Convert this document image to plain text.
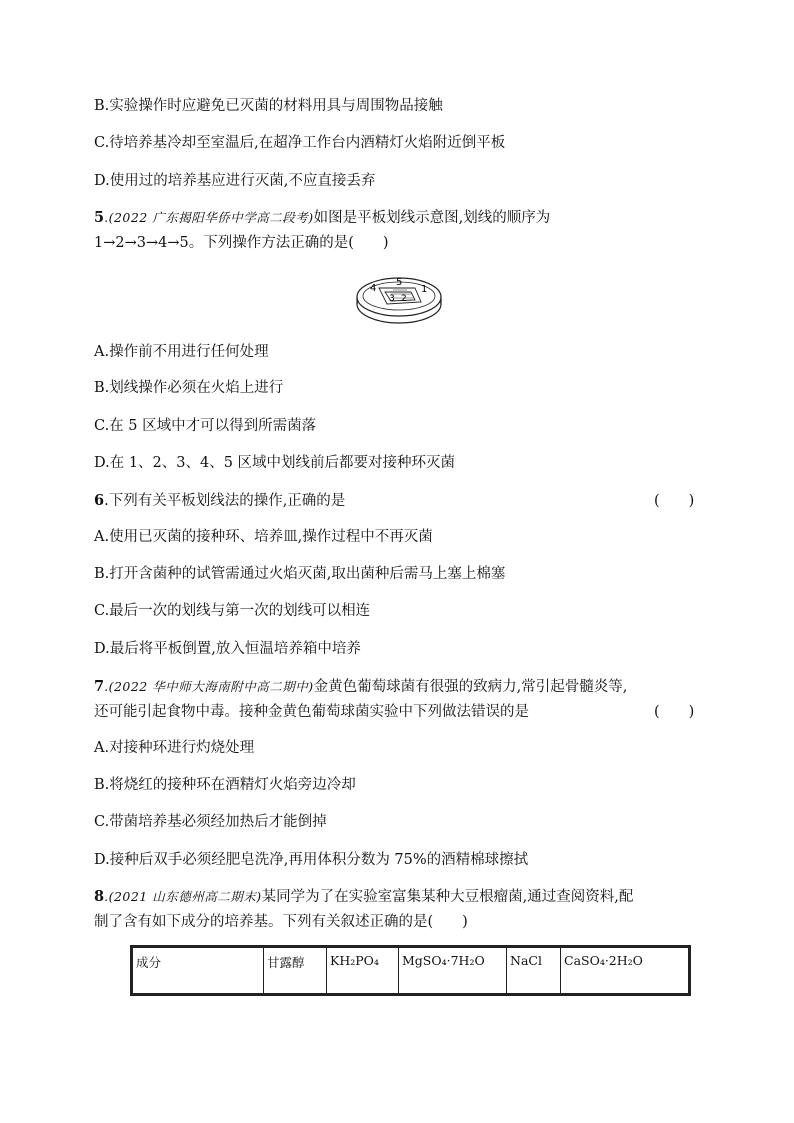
B.实验操作时应避免已灭菌的材料用具与周围物品接触
C.待培养基冷却至室温后,在超净工作台内酒精灯火焰附近倒平板
D.使用过的培养基应进行灭菌,不应直接丢弃
5.(2022 广东揭阳华侨中学高二段考)如图是平板划线示意图,划线的顺序为
1→2→3→4→5。下列操作方法正确的是(　　)
4
5
1
3 2
A.操作前不用进行任何处理
B.划线操作必须在火焰上进行
C.在 5 区域中才可以得到所需菌落
D.在 1、2、3、4、5 区域中划线前后都要对接种环灭菌
6.下列有关平板划线法的操作,正确的是	(　　)
A.使用已灭菌的接种环、培养皿,操作过程中不再灭菌
B.打开含菌种的试管需通过火焰灭菌,取出菌种后需马上塞上棉塞
C.最后一次的划线与第一次的划线可以相连
D.最后将平板倒置,放入恒温培养箱中培养
7.(2022 华中师大海南附中高二期中)金黄色葡萄球菌有很强的致病力,常引起骨髓炎等,
还可能引起食物中毒。接种金黄色葡萄球菌实验中下列做法错误的是	(　　)
A.对接种环进行灼烧处理
B.将烧红的接种环在酒精灯火焰旁边冷却
C.带菌培养基必须经加热后才能倒掉
D.接种后双手必须经肥皂洗净,再用体积分数为 75%的酒精棉球擦拭
8.(2021 山东德州高二期末)某同学为了在实验室富集某种大豆根瘤菌,通过查阅资料,配
制了含有如下成分的培养基。下列有关叙述正确的是(　　)
成分	甘露醇	KH₂PO₄	MgSO₄·7H₂O	NaCl	CaSO₄·2H₂O
